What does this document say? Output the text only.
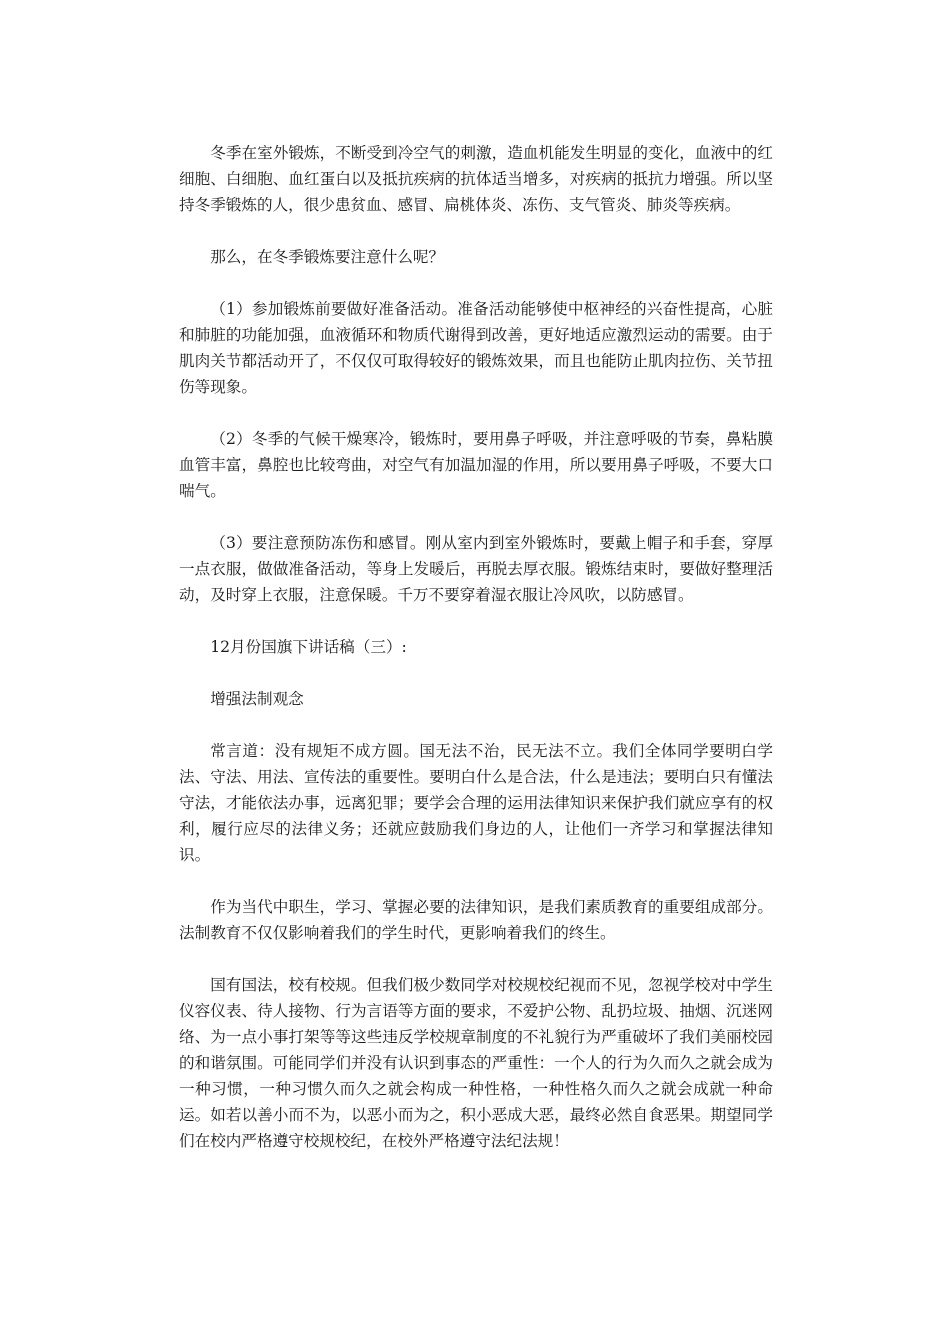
冬季在室外锻炼，不断受到冷空气的刺激，造血机能发生明显的变化，血液中的红细胞、白细胞、血红蛋白以及抵抗疾病的抗体适当增多，对疾病的抵抗力增强。所以坚持冬季锻炼的人，很少患贫血、感冒、扁桃体炎、冻伤、支气管炎、肺炎等疾病。

那么，在冬季锻炼要注意什么呢？

（1）参加锻炼前要做好准备活动。准备活动能够使中枢神经的兴奋性提高，心脏和肺脏的功能加强，血液循环和物质代谢得到改善，更好地适应激烈运动的需要。由于肌肉关节都活动开了，不仅仅可取得较好的锻炼效果，而且也能防止肌肉拉伤、关节扭伤等现象。

（2）冬季的气候干燥寒冷，锻炼时，要用鼻子呼吸，并注意呼吸的节奏，鼻粘膜血管丰富，鼻腔也比较弯曲，对空气有加温加湿的作用，所以要用鼻子呼吸，不要大口喘气。

（3）要注意预防冻伤和感冒。刚从室内到室外锻炼时，要戴上帽子和手套，穿厚一点衣服，做做准备活动，等身上发暖后，再脱去厚衣服。锻炼结束时，要做好整理活动，及时穿上衣服，注意保暖。千万不要穿着湿衣服让冷风吹，以防感冒。

12月份国旗下讲话稿（三）:

增强法制观念

常言道：没有规矩不成方圆。国无法不治，民无法不立。我们全体同学要明白学法、守法、用法、宣传法的重要性。要明白什么是合法，什么是违法；要明白只有懂法守法，才能依法办事，远离犯罪；要学会合理的运用法律知识来保护我们就应享有的权利，履行应尽的法律义务；还就应鼓励我们身边的人，让他们一齐学习和掌握法律知识。

作为当代中职生，学习、掌握必要的法律知识，是我们素质教育的重要组成部分。法制教育不仅仅影响着我们的学生时代，更影响着我们的终生。

国有国法，校有校规。但我们极少数同学对校规校纪视而不见，忽视学校对中学生仪容仪表、待人接物、行为言语等方面的要求，不爱护公物、乱扔垃圾、抽烟、沉迷网络、为一点小事打架等等这些违反学校规章制度的不礼貌行为严重破坏了我们美丽校园的和谐氛围。可能同学们并没有认识到事态的严重性：一个人的行为久而久之就会成为一种习惯，一种习惯久而久之就会构成一种性格，一种性格久而久之就会成就一种命运。如若以善小而不为，以恶小而为之，积小恶成大恶，最终必然自食恶果。期望同学们在校内严格遵守校规校纪，在校外严格遵守法纪法规！
